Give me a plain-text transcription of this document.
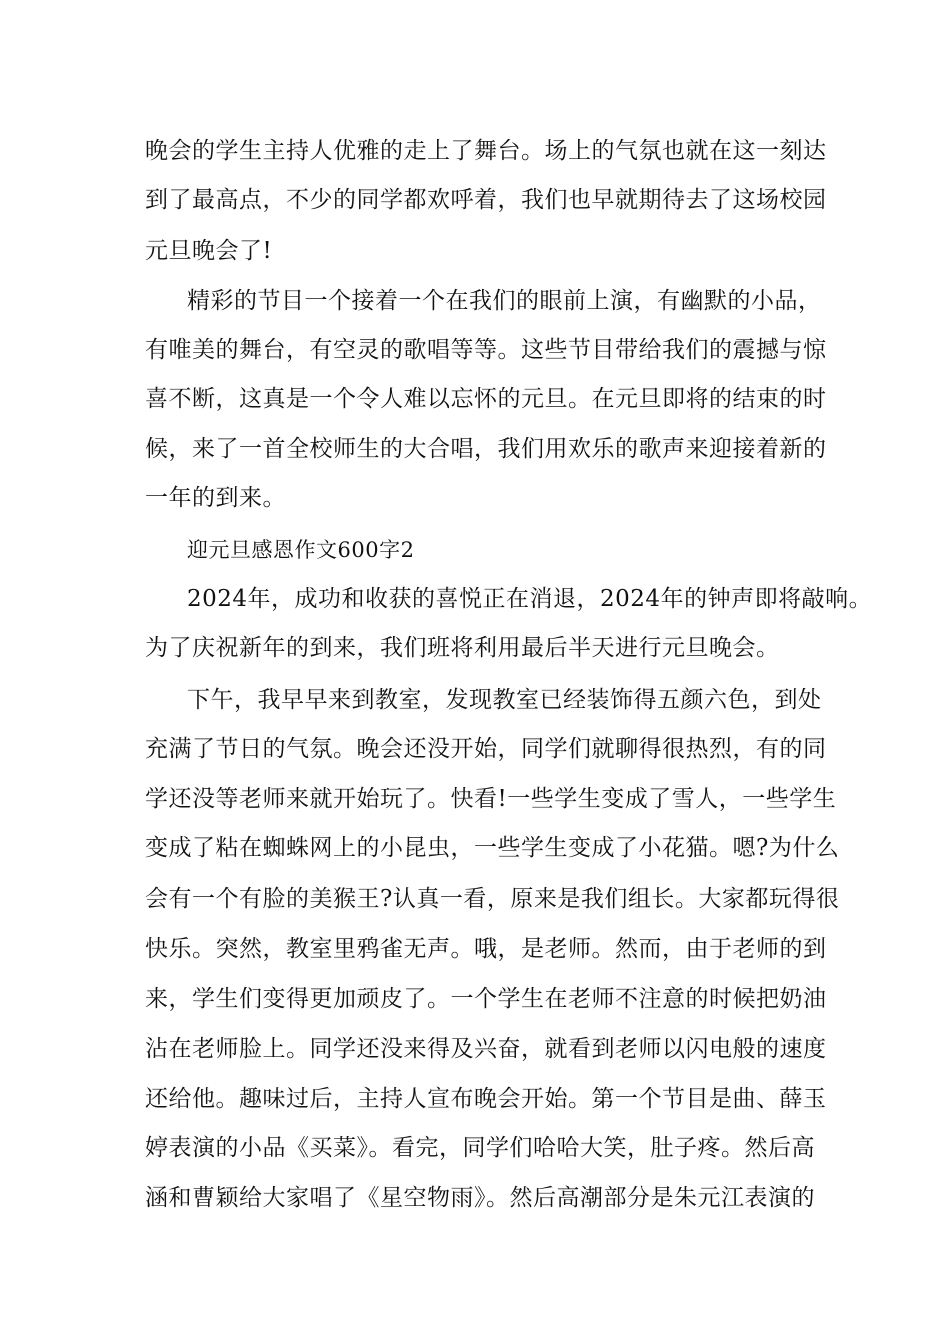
晚会的学生主持人优雅的走上了舞台。场上的气氛也就在这一刻达
到了最高点，不少的同学都欢呼着，我们也早就期待去了这场校园
元旦晚会了!
精彩的节目一个接着一个在我们的眼前上演，有幽默的小品，
有唯美的舞台，有空灵的歌唱等等。这些节目带给我们的震撼与惊
喜不断，这真是一个令人难以忘怀的元旦。在元旦即将的结束的时
候，来了一首全校师生的大合唱，我们用欢乐的歌声来迎接着新的
一年的到来。
迎元旦感恩作文600字2
2024年，成功和收获的喜悦正在消退，2024年的钟声即将敲响。
为了庆祝新年的到来，我们班将利用最后半天进行元旦晚会。
下午，我早早来到教室，发现教室已经装饰得五颜六色，到处
充满了节日的气氛。晚会还没开始，同学们就聊得很热烈，有的同
学还没等老师来就开始玩了。快看!一些学生变成了雪人，一些学生
变成了粘在蜘蛛网上的小昆虫，一些学生变成了小花猫。嗯?为什么
会有一个有脸的美猴王?认真一看，原来是我们组长。大家都玩得很
快乐。突然，教室里鸦雀无声。哦，是老师。然而，由于老师的到
来，学生们变得更加顽皮了。一个学生在老师不注意的时候把奶油
沾在老师脸上。同学还没来得及兴奋，就看到老师以闪电般的速度
还给他。趣味过后，主持人宣布晚会开始。第一个节目是曲、薛玉
婷表演的小品《买菜》。看完，同学们哈哈大笑，肚子疼。然后高
涵和曹颖给大家唱了《星空物雨》。然后高潮部分是朱元江表演的
